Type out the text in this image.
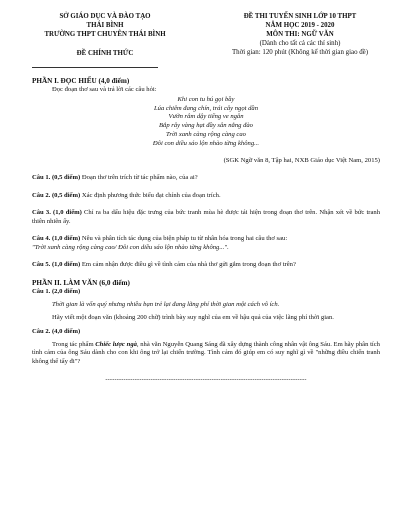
SỞ GIÁO DỤC VÀ ĐÀO TẠO
THÁI BÌNH
TRƯỜNG THPT CHUYÊN THÁI BÌNH
ĐỀ CHÍNH THỨC
ĐỀ THI TUYỂN SINH LỚP 10 THPT
NĂM HỌC 2019 - 2020
MÔN THI: NGỮ VĂN
(Dành cho tất cả các thí sinh)
Thời gian: 120 phút (Không kể thời gian giao đề)

PHẦN I. ĐỌC HIỂU (4,0 điểm)

Đọc đoạn thơ sau và trả lời các câu hỏi:

Khi con tu hú gọi bầy
Lúa chiêm đang chín, trái cây ngọt dần
Vườn râm dậy tiếng ve ngân
Bắp rây vàng hạt đầy sân nắng đào
Trời xanh càng rộng càng cao
Đôi con diều sáo lộn nhào từng không...

(SGK Ngữ văn 8, Tập hai, NXB Giáo dục Việt Nam, 2015)

Câu 1. (0,5 điểm) Đoạn thơ trên trích từ tác phẩm nào, của ai?

Câu 2. (0,5 điểm) Xác định phương thức biểu đạt chính của đoạn trích.

Câu 3. (1,0 điểm) Chỉ ra ba dấu hiệu đặc trưng của bức tranh mùa hè được tái hiện trong đoạn thơ trên. Nhận xét về bức tranh thiên nhiên ấy.

Câu 4. (1,0 điểm) Nêu và phân tích tác dụng của biện pháp tu từ nhân hóa trong hai câu thơ sau:
"Trời xanh càng rộng càng cao/ Đôi con diều sáo lộn nhào từng không...".

Câu 5. (1,0 điểm) Em cảm nhận được điều gì về tình cảm của nhà thơ gửi gắm trong đoạn thơ trên?

PHẦN II. LÀM VĂN (6,0 điểm)

Câu 1. (2,0 điểm)

Thời gian là vốn quý nhưng nhiều bạn trẻ lại đang lãng phí thời gian một cách vô ích.

Hãy viết một đoạn văn (khoảng 200 chữ) trình bày suy nghĩ của em về hậu quả của việc lãng phí thời gian.

Câu 2. (4,0 điểm)

Trong tác phẩm Chiếc lược ngà, nhà văn Nguyễn Quang Sáng đã xây dựng thành công nhân vật ông Sáu. Em hãy phân tích tình cảm của ông Sáu dành cho con khi ông trở lại chiến trường. Tình cảm đó giúp em có suy nghĩ gì về "những điều chiến tranh không thể tẩy đi"?

-----------------------------------------------------------------------------------------
